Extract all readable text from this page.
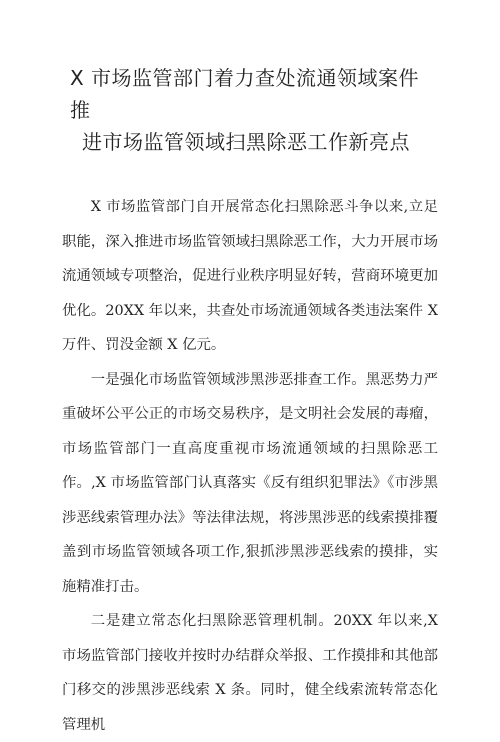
X 市场监管部门着力查处流通领域案件推
进市场监管领域扫黑除恶工作新亮点

X 市场监管部门自开展常态化扫黑除恶斗争以来,立足职能，深入推进市场监管领域扫黑除恶工作，大力开展市场流通领域专项整治，促进行业秩序明显好转，营商环境更加优化。20XX 年以来，共查处市场流通领域各类违法案件 X 万件、罚没金额 X 亿元。

一是强化市场监管领域涉黑涉恶排查工作。黑恶势力严重破坏公平公正的市场交易秩序，是文明社会发展的毒瘤，市场监管部门一直高度重视市场流通领域的扫黑除恶工作。,X 市场监管部门认真落实《反有组织犯罪法》《市涉黑涉恶线索管理办法》等法律法规，将涉黑涉恶的线索摸排覆盖到市场监管领域各项工作,狠抓涉黑涉恶线索的摸排，实施精准打击。

二是建立常态化扫黑除恶管理机制。20XX 年以来,X 市场监管部门接收并按时办结群众举报、工作摸排和其他部门移交的涉黑涉恶线索 X 条。同时，健全线索流转常态化管理机
